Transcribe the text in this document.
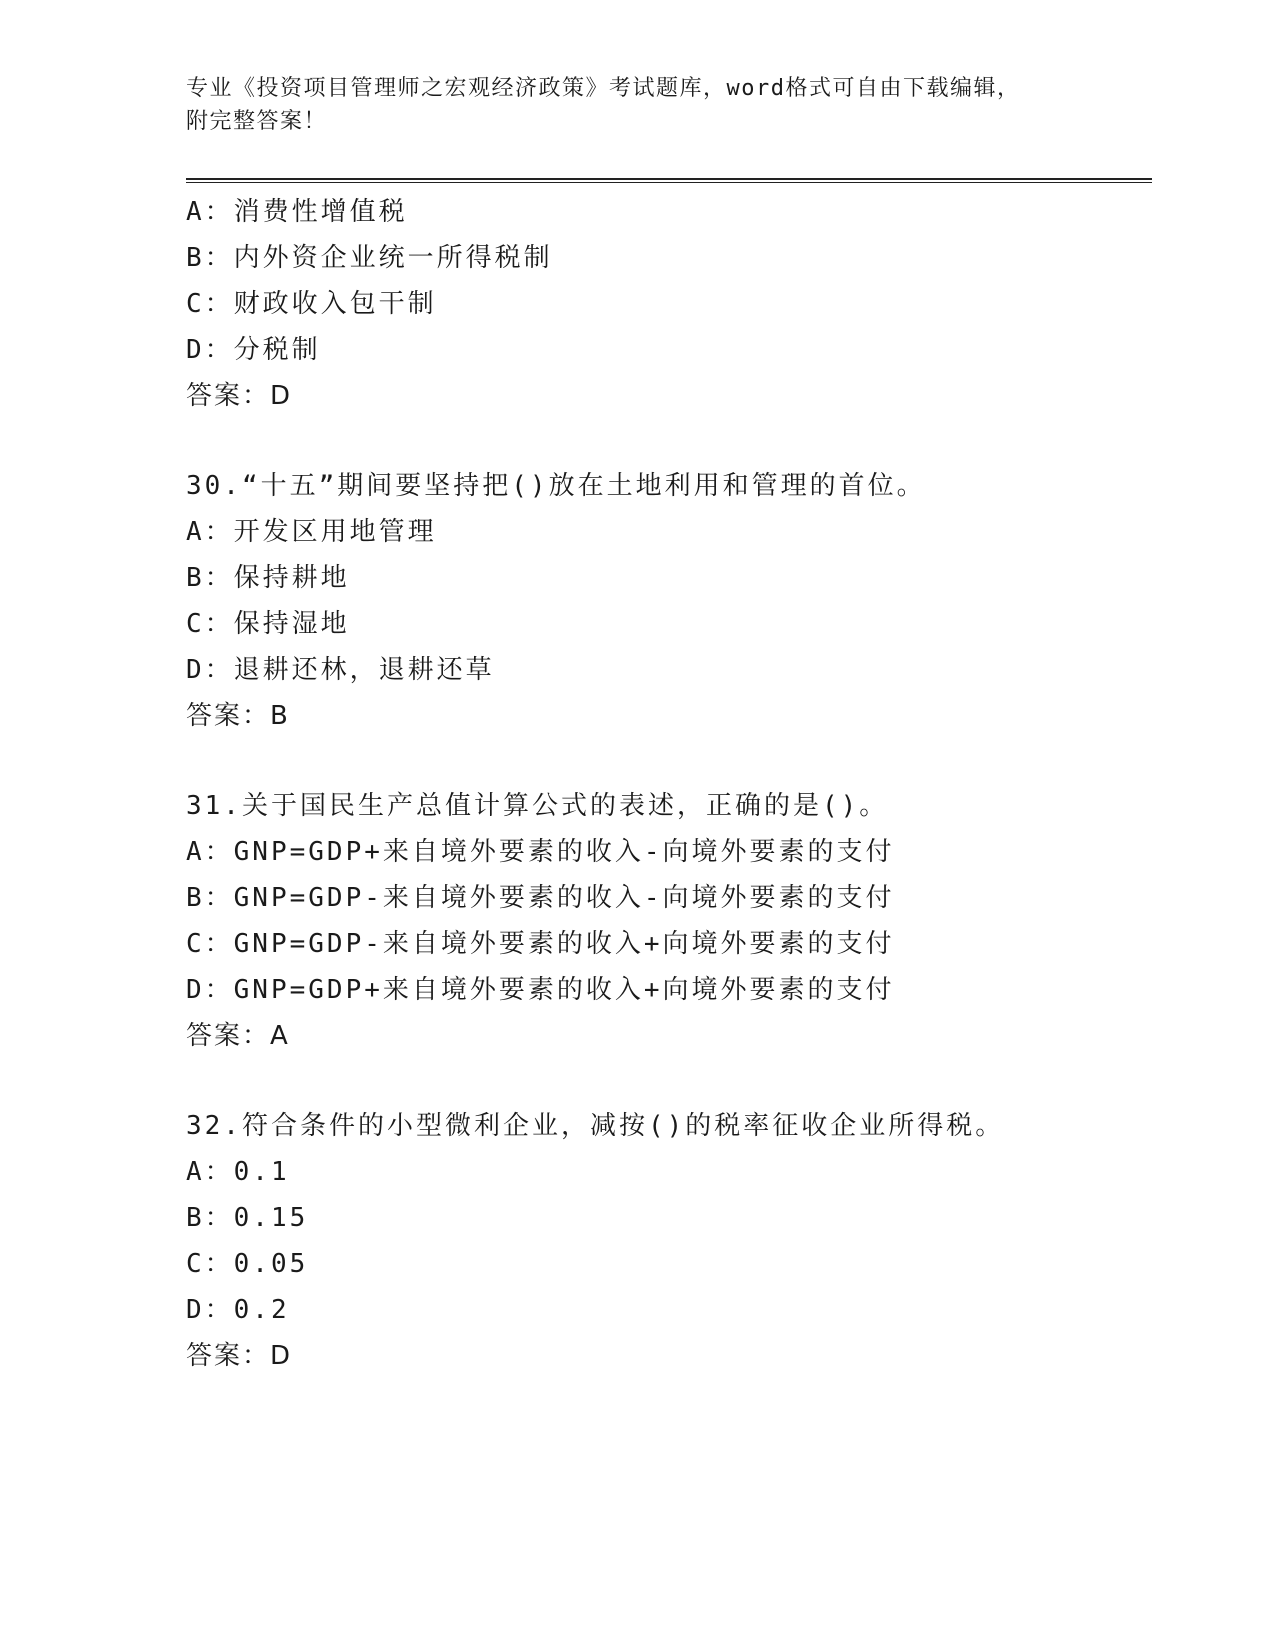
专业《投资项目管理师之宏观经济政策》考试题库，word格式可自由下载编辑，
附完整答案！
A：消费性增值税
B：内外资企业统一所得税制
C：财政收入包干制
D：分税制
答案：D
30.“十五”期间要坚持把()放在土地利用和管理的首位。
A：开发区用地管理
B：保持耕地
C：保持湿地
D：退耕还林，退耕还草
答案：B
31.关于国民生产总值计算公式的表述，正确的是()。
A：GNP=GDP+来自境外要素的收入-向境外要素的支付
B：GNP=GDP-来自境外要素的收入-向境外要素的支付
C：GNP=GDP-来自境外要素的收入+向境外要素的支付
D：GNP=GDP+来自境外要素的收入+向境外要素的支付
答案：A
32.符合条件的小型微利企业，减按()的税率征收企业所得税。
A：0.1
B：0.15
C：0.05
D：0.2
答案：D
